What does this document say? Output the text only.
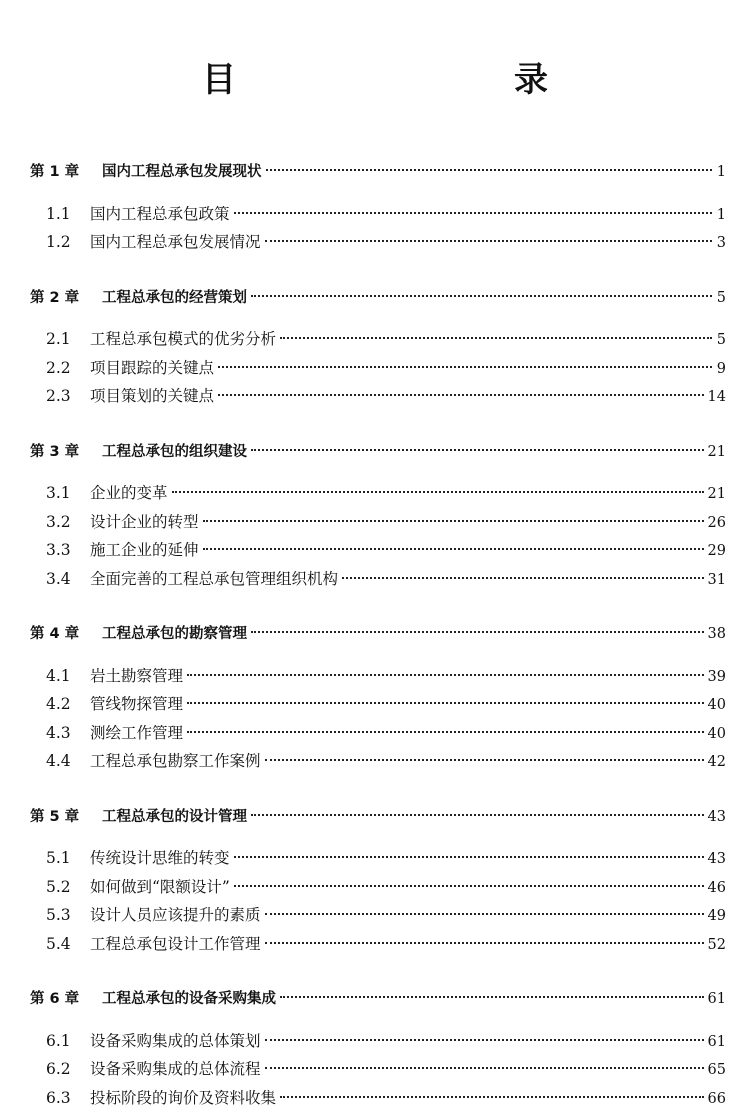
目　　录
第 1 章	国内工程总承包发展现状	1
1.1	国内工程总承包政策	1
1.2	国内工程总承包发展情况	3
第 2 章	工程总承包的经营策划	5
2.1	工程总承包模式的优劣分析	5
2.2	项目跟踪的关键点	9
2.3	项目策划的关键点	14
第 3 章	工程总承包的组织建设	21
3.1	企业的变革	21
3.2	设计企业的转型	26
3.3	施工企业的延伸	29
3.4	全面完善的工程总承包管理组织机构	31
第 4 章	工程总承包的勘察管理	38
4.1	岩土勘察管理	39
4.2	管线物探管理	40
4.3	测绘工作管理	40
4.4	工程总承包勘察工作案例	42
第 5 章	工程总承包的设计管理	43
5.1	传统设计思维的转变	43
5.2	如何做到“限额设计”	46
5.3	设计人员应该提升的素质	49
5.4	工程总承包设计工作管理	52
第 6 章	工程总承包的设备采购集成	61
6.1	设备采购集成的总体策划	61
6.2	设备采购集成的总体流程	65
6.3	投标阶段的询价及资料收集	66
